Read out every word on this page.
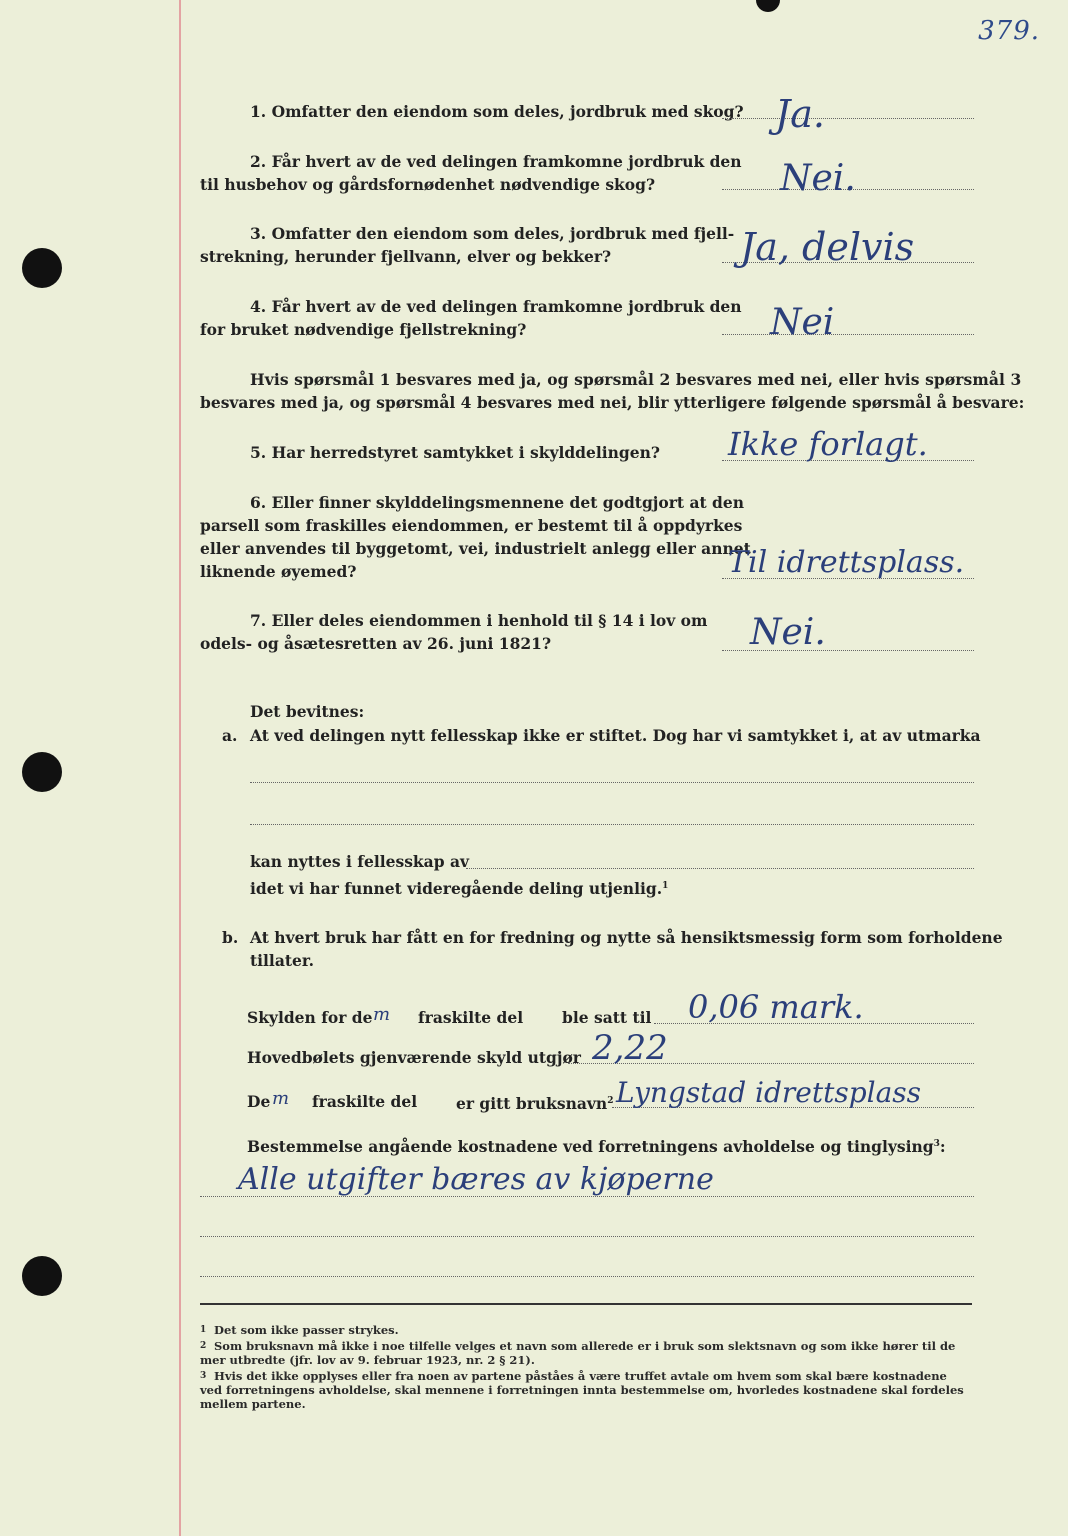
379.
1. Omfatter den eiendom som deles, jordbruk med skog? Ja.
2. Får hvert av de ved delingen framkomne jordbruk den
til husbehov og gårdsfornødenhet nødvendige skog?	Nei.
3. Omfatter den eiendom som deles, jordbruk med fjell-
strekning, herunder fjellvann, elver og bekker?	Ja, delvis
4. Får hvert av de ved delingen framkomne jordbruk den
for bruket nødvendige fjellstrekning?	Nei
Hvis spørsmål 1 besvares med ja, og spørsmål 2 besvares med nei, eller hvis spørsmål 3
besvares med ja, og spørsmål 4 besvares med nei, blir ytterligere følgende spørsmål å besvare:
5. Har herredstyret samtykket i skylddelingen? Ikke forlagt.
6. Eller finner skylddelingsmennene det godtgjort at den
parsell som fraskilles eiendommen, er bestemt til å oppdyrkes
eller anvendes til byggetomt, vei, industrielt anlegg eller annet
liknende øyemed?	Til idrettsplass.
7. Eller deles eiendommen i henhold til § 14 i lov om
odels- og åsætesretten av 26. juni 1821?	Nei.
Det bevitnes:
a. At ved delingen nytt fellesskap ikke er stiftet. Dog har vi samtykket i, at av utmarka
kan nyttes i fellesskap av
idet vi har funnet videregående deling utjenlig.$^1$
b. At hvert bruk har fått en for fredning og nytte så hensiktsmessig form som forholdene
tillater.
Skylden for de m fraskilte del	ble satt til 0,06 mark.
Hovedbølets gjenværende skyld utgjør 2,22
De m fraskilte del	er gitt bruksnavn$^2$ Lyngstad idrettsplass
Bestemmelse angående kostnadene ved forretningens avholdelse og tinglysing$^3$:
Alle utgifter bæres av kjøperne
1 Det som ikke passer strykes.
2 Som bruksnavn må ikke i noe tilfelle velges et navn som allerede er i bruk som slektsnavn og som ikke hører til de mer utbredte (jfr. lov av 9. februar 1923, nr. 2 § 21).
3 Hvis det ikke opplyses eller fra noen av partene påståes å være truffet avtale om hvem som skal bære kostnadene ved forretningens avholdelse, skal mennene i forretningen innta bestemmelse om, hvorledes kostnadene skal fordeles mellem partene.
